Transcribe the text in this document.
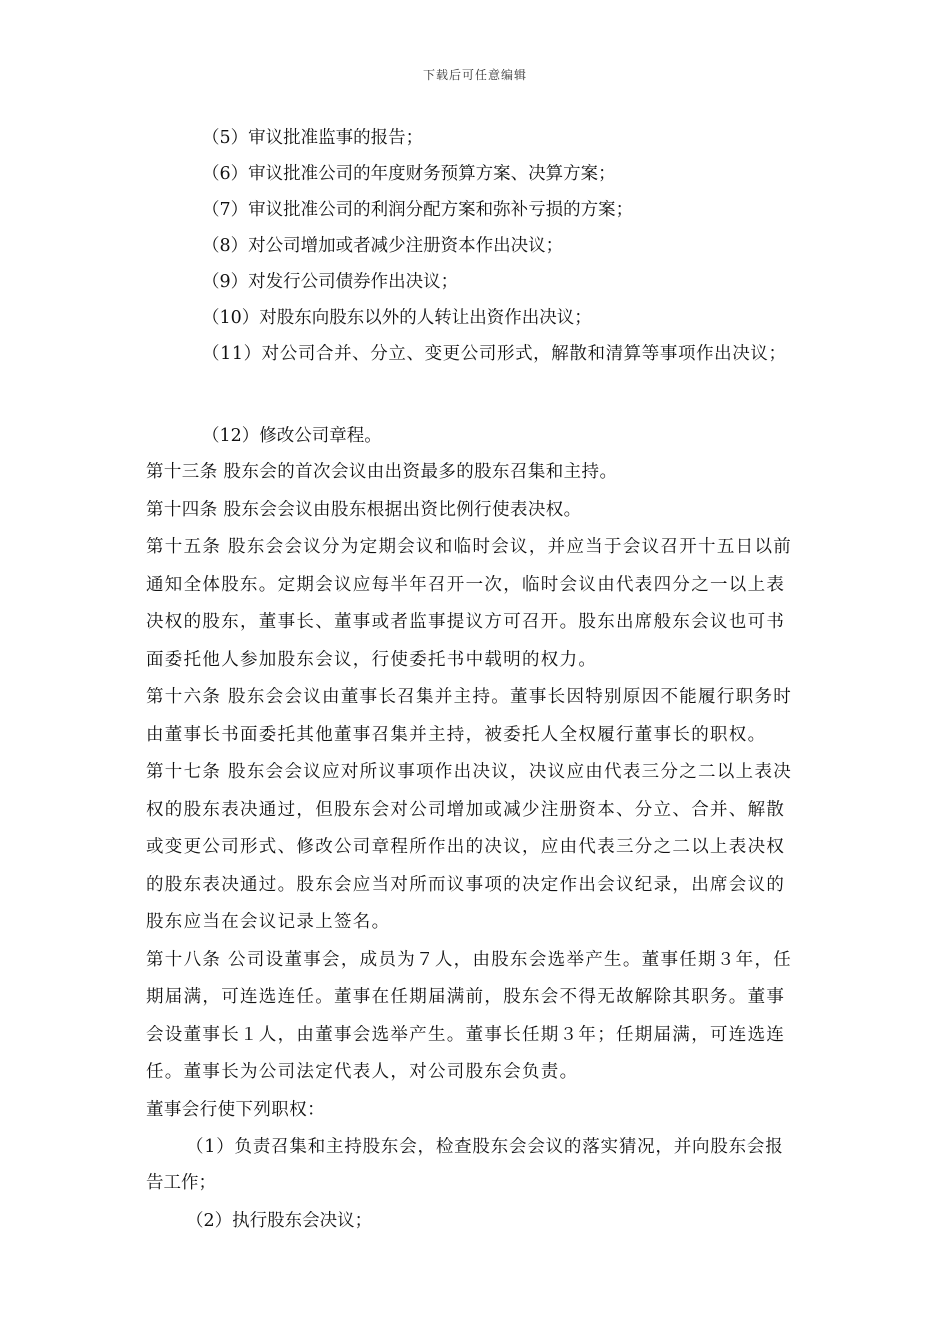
下载后可任意编辑
（5）审议批准监事的报告；
（6）审议批准公司的年度财务预算方案、决算方案；
（7）审议批准公司的利润分配方案和弥补亏损的方案；
（8）对公司增加或者减少注册资本作出决议；
（9）对发行公司债券作出决议；
（10）对股东向股东以外的人转让出资作出决议；
（11）对公司合并、分立、变更公司形式，解散和清算等事项作出决议；
（12）修改公司章程。

第十三条 股东会的首次会议由出资最多的股东召集和主持。

第十四条 股东会会议由股东根据出资比例行使表决权。

第十五条 股东会会议分为定期会议和临时会议，并应当于会议召开十五日以前

通知全体股东。定期会议应每半年召开一次，临时会议由代表四分之一以上表

决权的股东，董事长、董事或者监事提议方可召开。股东出席般东会议也可书

面委托他人参加股东会议，行使委托书中载明的权力。

第十六条 股东会会议由董事长召集并主持。董事长因特别原因不能履行职务时

由董事长书面委托其他董事召集并主持，被委托人全权履行董事长的职权。

第十七条 股东会会议应对所议事项作出决议，决议应由代表三分之二以上表决

权的股东表决通过，但股东会对公司增加或减少注册资本、分立、合并、解散

或变更公司形式、修改公司章程所作出的决议，应由代表三分之二以上表决权

的股东表决通过。股东会应当对所而议事项的决定作出会议纪录，出席会议的

股东应当在会议记录上签名。

第十八条 公司设董事会，成员为７人，由股东会选举产生。董事任期３年，任

期届满，可连选连任。董事在任期届满前，股东会不得无故解除其职务。董事

会设董事长１人，由董事会选举产生。董事长任期３年；任期届满，可连选连

任。董事长为公司法定代表人，对公司股东会负责。

董事会行使下列职权：

（1）负责召集和主持股东会，检查股东会会议的落实猜况，并向股东会报
告工作；
（2）执行股东会决议；
